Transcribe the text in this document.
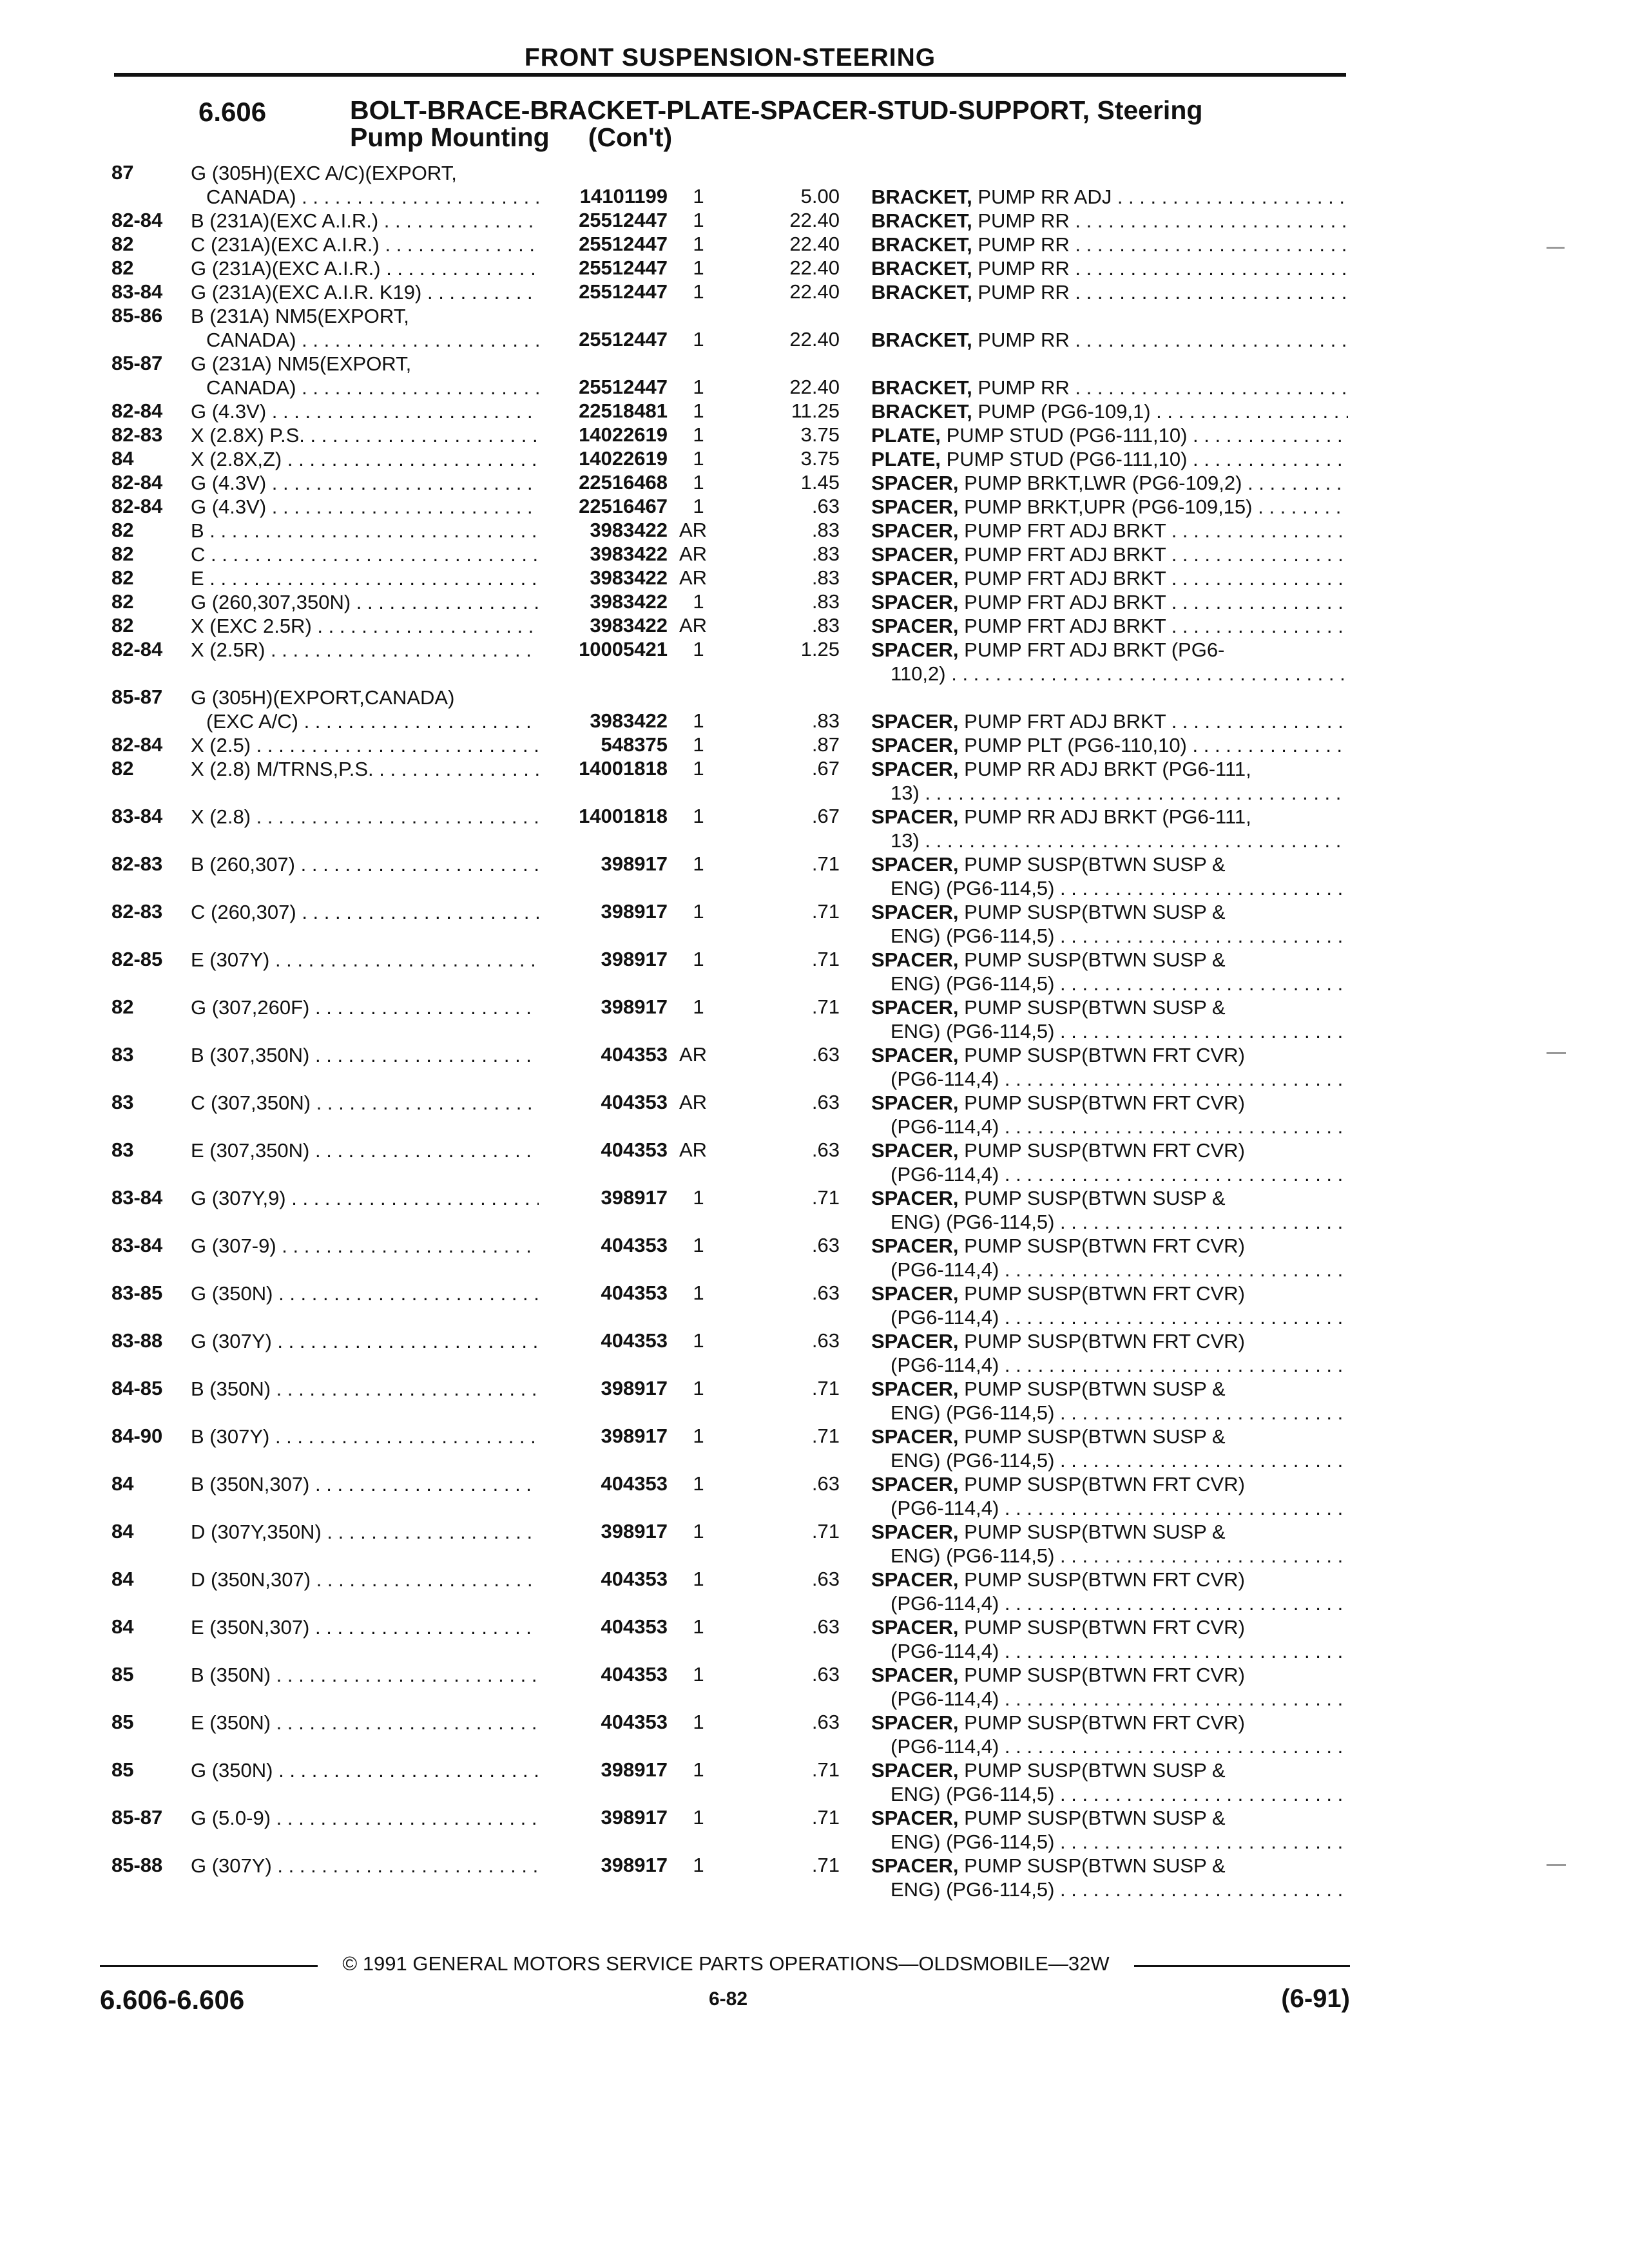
FRONT SUSPENSION-STEERING
6.606	BOLT-BRACE-BRACKET-PLATE-SPACER-STUD-SUPPORT, Steering
Pump Mounting (Con't)
87	G (305H)(EXC A/C)(EXPORT,
CANADA) . . .	14101199	1	5.00 BRACKET, PUMP RR ADJ . . .
82-84	B (231A)(EXC A.I.R.) . . .	25512447	1	22.40 BRACKET, PUMP RR . . .
82	C (231A)(EXC A.I.R.) . . .	25512447	1	22.40 BRACKET, PUMP RR . . .
82	G (231A)(EXC A.I.R.) . . .	25512447	1	22.40 BRACKET, PUMP RR . . .
83-84	G (231A)(EXC A.I.R. K19) . . .	25512447	1	22.40 BRACKET, PUMP RR . . .
85-86	B (231A) NM5(EXPORT,
CANADA) . . .	25512447	1	22.40 BRACKET, PUMP RR . . .
85-87	G (231A) NM5(EXPORT,
CANADA) . . .	25512447	1	22.40 BRACKET, PUMP RR . . .
82-84	G (4.3V) . . .	22518481	1	11.25 BRACKET, PUMP (PG6-109,1) . . .
82-83	X (2.8X) P.S. . . .	14022619	1	3.75 PLATE, PUMP STUD (PG6-111,10) . . .
84	X (2.8X,Z) . . .	14022619	1	3.75 PLATE, PUMP STUD (PG6-111,10) . . .
82-84	G (4.3V) . . .	22516468	1	1.45 SPACER, PUMP BRKT,LWR (PG6-109,2) . . .
82-84	G (4.3V) . . .	22516467	1	.63 SPACER, PUMP BRKT,UPR (PG6-109,15) . . .
82	B . . .	3983422 AR	.83 SPACER, PUMP FRT ADJ BRKT . . .
82	C . . .	3983422 AR	.83 SPACER, PUMP FRT ADJ BRKT . . .
82	E . . .	3983422 AR	.83 SPACER, PUMP FRT ADJ BRKT . . .
82	G (260,307,350N) . . .	3983422	1	.83 SPACER, PUMP FRT ADJ BRKT . . .
82	X (EXC 2.5R) . . .	3983422 AR	.83 SPACER, PUMP FRT ADJ BRKT . . .
82-84	X (2.5R) . . .	10005421	1	1.25 SPACER, PUMP FRT ADJ BRKT (PG6-
110,2) . . .
85-87	G (305H)(EXPORT,CANADA)
(EXC A/C) . . .	3983422	1	.83 SPACER, PUMP FRT ADJ BRKT . . .
82-84	X (2.5) . . .	548375	1	.87 SPACER, PUMP PLT (PG6-110,10) . . .
82	X (2.8) M/TRNS,P.S. . . .	14001818	1	.67 SPACER, PUMP RR ADJ BRKT (PG6-111,
13) . . .
83-84	X (2.8) . . .	14001818	1	.67 SPACER, PUMP RR ADJ BRKT (PG6-111,
13) . . .
82-83	B (260,307) . . .	398917	1	.71 SPACER, PUMP SUSP(BTWN SUSP &
ENG) (PG6-114,5) . . .
82-83	C (260,307) . . .	398917	1	.71 SPACER, PUMP SUSP(BTWN SUSP &
ENG) (PG6-114,5) . . .
82-85	E (307Y) . . .	398917	1	.71 SPACER, PUMP SUSP(BTWN SUSP &
ENG) (PG6-114,5) . . .
82	G (307,260F) . . .	398917	1	.71 SPACER, PUMP SUSP(BTWN SUSP &
ENG) (PG6-114,5) . . .
83	B (307,350N) . . .	404353 AR	.63 SPACER, PUMP SUSP(BTWN FRT CVR)
(PG6-114,4) . . .
83	C (307,350N) . . .	404353 AR	.63 SPACER, PUMP SUSP(BTWN FRT CVR)
(PG6-114,4) . . .
83	E (307,350N) . . .	404353 AR	.63 SPACER, PUMP SUSP(BTWN FRT CVR)
(PG6-114,4) . . .
83-84	G (307Y,9) . . .	398917	1	.71 SPACER, PUMP SUSP(BTWN SUSP &
ENG) (PG6-114,5) . . .
83-84	G (307-9) . . .	404353	1	.63 SPACER, PUMP SUSP(BTWN FRT CVR)
(PG6-114,4) . . .
83-85	G (350N) . . .	404353	1	.63 SPACER, PUMP SUSP(BTWN FRT CVR)
(PG6-114,4) . . .
83-88	G (307Y) . . .	404353	1	.63 SPACER, PUMP SUSP(BTWN FRT CVR)
(PG6-114,4) . . .
84-85	B (350N) . . .	398917	1	.71 SPACER, PUMP SUSP(BTWN SUSP &
ENG) (PG6-114,5) . . .
84-90	B (307Y) . . .	398917	1	.71 SPACER, PUMP SUSP(BTWN SUSP &
ENG) (PG6-114,5) . . .
84	B (350N,307) . . .	404353	1	.63 SPACER, PUMP SUSP(BTWN FRT CVR)
(PG6-114,4) . . .
84	D (307Y,350N) . . .	398917	1	.71 SPACER, PUMP SUSP(BTWN SUSP &
ENG) (PG6-114,5) . . .
84	D (350N,307) . . .	404353	1	.63 SPACER, PUMP SUSP(BTWN FRT CVR)
(PG6-114,4) . . .
84	E (350N,307) . . .	404353	1	.63 SPACER, PUMP SUSP(BTWN FRT CVR)
(PG6-114,4) . . .
85	B (350N) . . .	404353	1	.63 SPACER, PUMP SUSP(BTWN FRT CVR)
(PG6-114,4) . . .
85	E (350N) . . .	404353	1	.63 SPACER, PUMP SUSP(BTWN FRT CVR)
(PG6-114,4) . . .
85	G (350N) . . .	398917	1	.71 SPACER, PUMP SUSP(BTWN SUSP &
ENG) (PG6-114,5) . . .
85-87	G (5.0-9) . . .	398917	1	.71 SPACER, PUMP SUSP(BTWN SUSP &
ENG) (PG6-114,5) . . .
85-88	G (307Y) . . .	398917	1	.71 SPACER, PUMP SUSP(BTWN SUSP &
ENG) (PG6-114,5) . . .
© 1991 GENERAL MOTORS SERVICE PARTS OPERATIONS—OLDSMOBILE—32W
6.606-6.606	6-82	(6-91)
